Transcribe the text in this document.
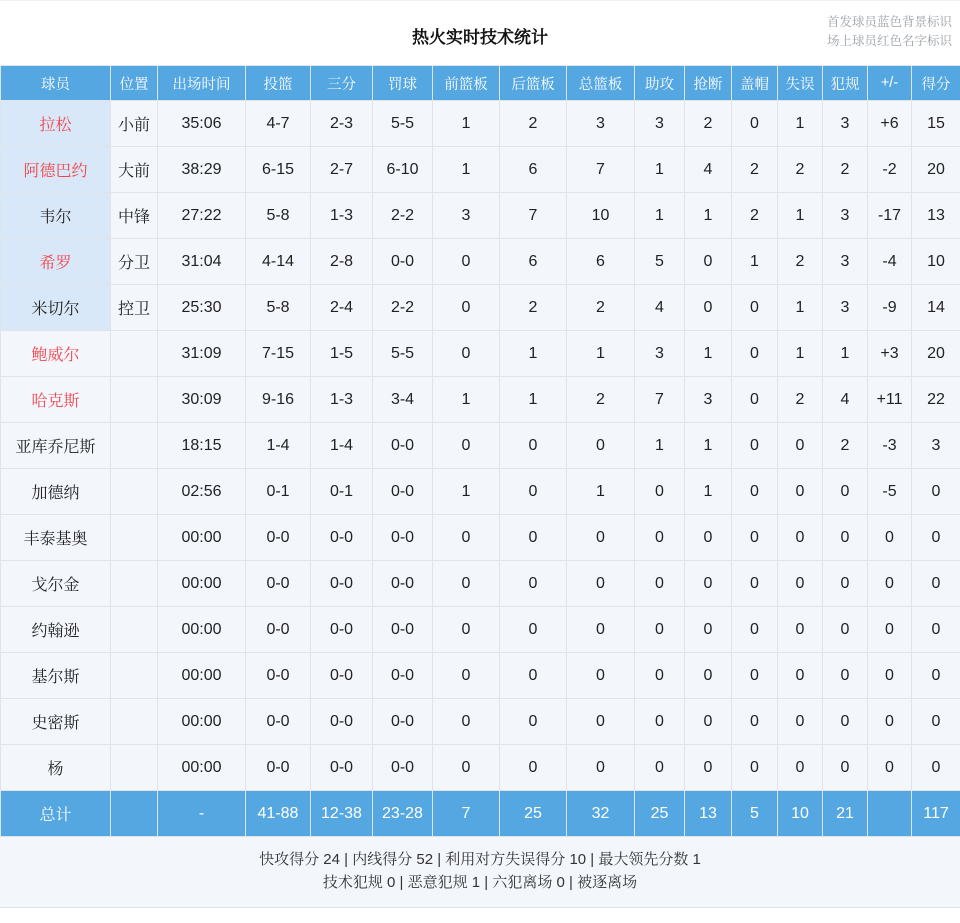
热火实时技术统计
首发球员蓝色背景标识
场上球员红色名字标识
球员	位置	出场时间	投篮	三分	罚球	前篮板	后篮板	总篮板	助攻	抢断	盖帽	失误	犯规	+/-	得分
拉松	小前	35:06	4-7	2-3	5-5	1	2	3	3	2	0	1	3	+6	15
阿德巴约	大前	38:29	6-15	2-7	6-10	1	6	7	1	4	2	2	2	-2	20
韦尔	中锋	27:22	5-8	1-3	2-2	3	7	10	1	1	2	1	3	-17	13
希罗	分卫	31:04	4-14	2-8	0-0	0	6	6	5	0	1	2	3	-4	10
米切尔	控卫	25:30	5-8	2-4	2-2	0	2	2	4	0	0	1	3	-9	14
鲍威尔		31:09	7-15	1-5	5-5	0	1	1	3	1	0	1	1	+3	20
哈克斯		30:09	9-16	1-3	3-4	1	1	2	7	3	0	2	4	+11	22
亚库乔尼斯		18:15	1-4	1-4	0-0	0	0	0	1	1	0	0	2	-3	3
加德纳		02:56	0-1	0-1	0-0	1	0	1	0	1	0	0	0	-5	0
丰泰基奥		00:00	0-0	0-0	0-0	0	0	0	0	0	0	0	0	0	0
戈尔金		00:00	0-0	0-0	0-0	0	0	0	0	0	0	0	0	0	0
约翰逊		00:00	0-0	0-0	0-0	0	0	0	0	0	0	0	0	0	0
基尔斯		00:00	0-0	0-0	0-0	0	0	0	0	0	0	0	0	0	0
史密斯		00:00	0-0	0-0	0-0	0	0	0	0	0	0	0	0	0	0
杨		00:00	0-0	0-0	0-0	0	0	0	0	0	0	0	0	0	0
总计		-	41-88	12-38	23-28	7	25	32	25	13	5	10	21		117
快攻得分 24 | 内线得分 52 | 利用对方失误得分 10 | 最大领先分数 1
技术犯规 0 | 恶意犯规 1 | 六犯离场 0 | 被逐离场
